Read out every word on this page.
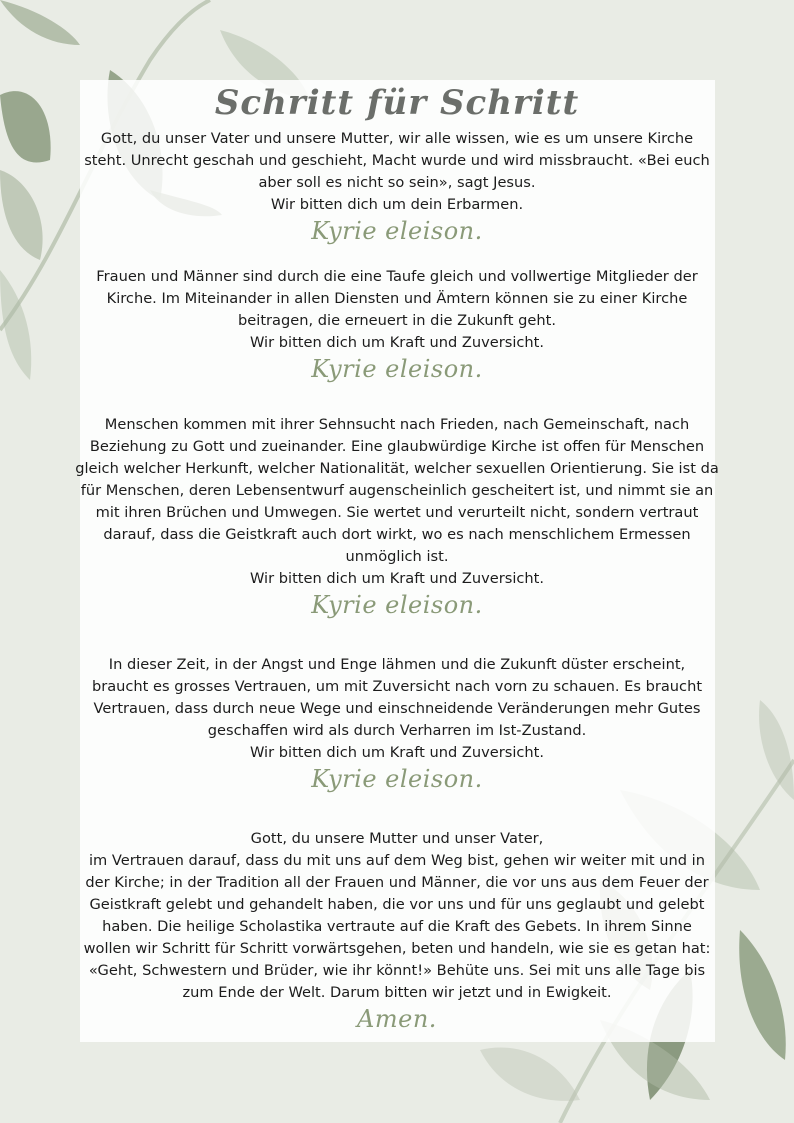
Schritt für Schritt
Gott, du unser Vater und unsere Mutter, wir alle wissen, wie es um unsere Kirche
steht. Unrecht geschah und geschieht, Macht wurde und wird missbraucht. «Bei euch
aber soll es nicht so sein», sagt Jesus.
Wir bitten dich um dein Erbarmen.
Kyrie eleison.
Frauen und Männer sind durch die eine Taufe gleich und vollwertige Mitglieder der
Kirche. Im Miteinander in allen Diensten und Ämtern können sie zu einer Kirche
beitragen, die erneuert in die Zukunft geht.
Wir bitten dich um Kraft und Zuversicht.
Kyrie eleison.
Menschen kommen mit ihrer Sehnsucht nach Frieden, nach Gemeinschaft, nach
Beziehung zu Gott und zueinander. Eine glaubwürdige Kirche ist offen für Menschen
gleich welcher Herkunft, welcher Nationalität, welcher sexuellen Orientierung. Sie ist da
für Menschen, deren Lebensentwurf augenscheinlich gescheitert ist, und nimmt sie an
mit ihren Brüchen und Umwegen. Sie wertet und verurteilt nicht, sondern vertraut
darauf, dass die Geistkraft auch dort wirkt, wo es nach menschlichem Ermessen
unmöglich ist.
Wir bitten dich um Kraft und Zuversicht.
Kyrie eleison.
In dieser Zeit, in der Angst und Enge lähmen und die Zukunft düster erscheint,
braucht es grosses Vertrauen, um mit Zuversicht nach vorn zu schauen. Es braucht
Vertrauen, dass durch neue Wege und einschneidende Veränderungen mehr Gutes
geschaffen wird als durch Verharren im Ist-Zustand.
Wir bitten dich um Kraft und Zuversicht.
Kyrie eleison.
Gott, du unsere Mutter und unser Vater,
im Vertrauen darauf, dass du mit uns auf dem Weg bist, gehen wir weiter mit und in
der Kirche; in der Tradition all der Frauen und Männer, die vor uns aus dem Feuer der
Geistkraft gelebt und gehandelt haben, die vor uns und für uns geglaubt und gelebt
haben. Die heilige Scholastika vertraute auf die Kraft des Gebets. In ihrem Sinne
wollen wir Schritt für Schritt vorwärtsgehen, beten und handeln, wie sie es getan hat:
«Geht, Schwestern und Brüder, wie ihr könnt!» Behüte uns. Sei mit uns alle Tage bis
zum Ende der Welt. Darum bitten wir jetzt und in Ewigkeit.
Amen.
